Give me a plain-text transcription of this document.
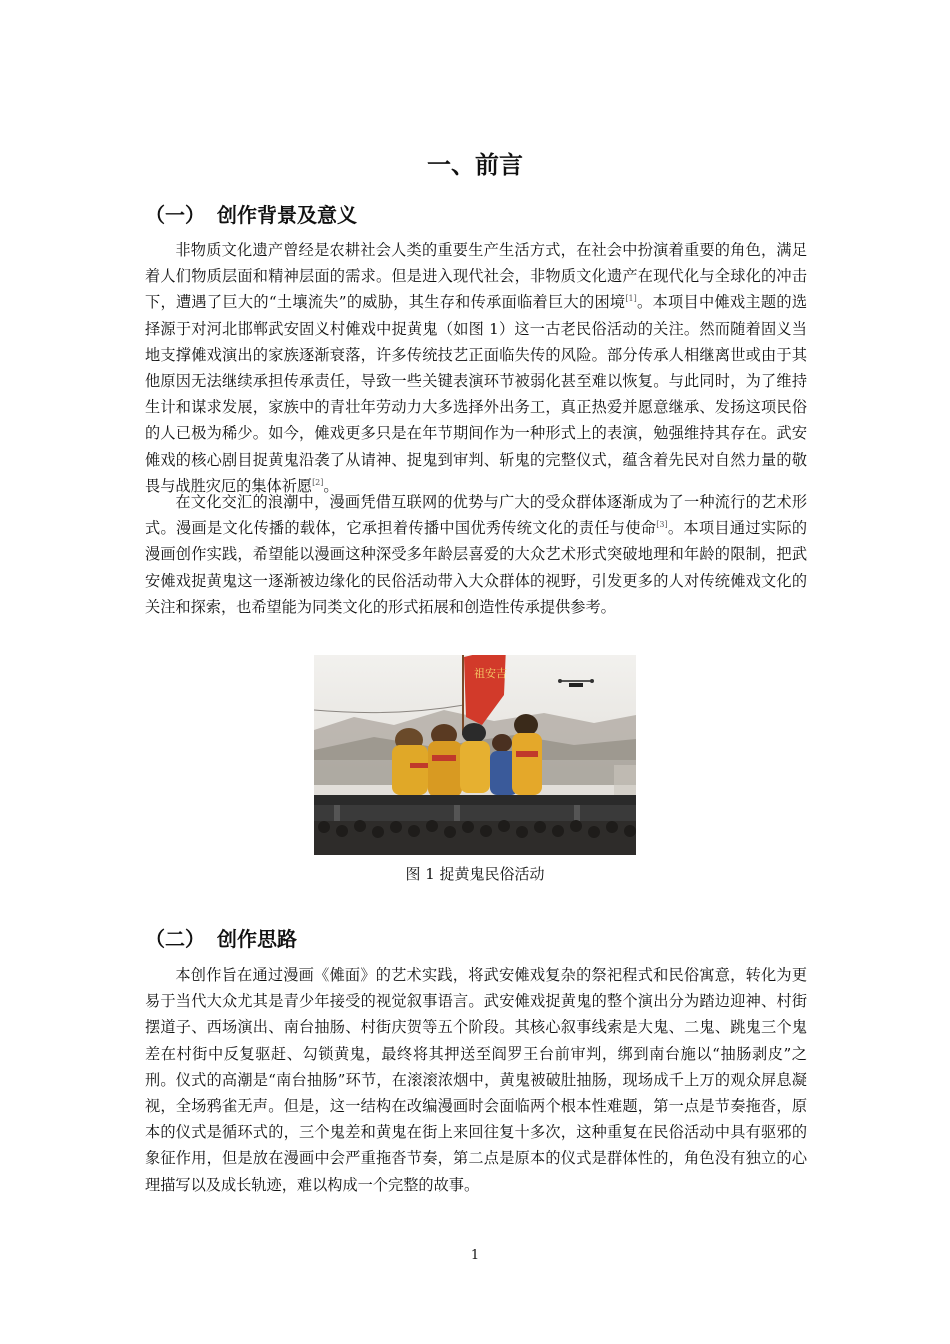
一、前言
（一） 创作背景及意义

非物质文化遗产曾经是农耕社会人类的重要生产生活方式，在社会中扮演着重要的角色，满足着人们物质层面和精神层面的需求。但是进入现代社会，非物质文化遗产在现代化与全球化的冲击下，遭遇了巨大的“土壤流失”的威胁，其生存和传承面临着巨大的困境[1]。本项目中傩戏主题的选择源于对河北邯郸武安固义村傩戏中捉黄鬼（如图 1）这一古老民俗活动的关注。然而随着固义当地支撑傩戏演出的家族逐渐衰落，许多传统技艺正面临失传的风险。部分传承人相继离世或由于其他原因无法继续承担传承责任，导致一些关键表演环节被弱化甚至难以恢复。与此同时，为了维持生计和谋求发展，家族中的青壮年劳动力大多选择外出务工，真正热爱并愿意继承、发扬这项民俗的人已极为稀少。如今，傩戏更多只是在年节期间作为一种形式上的表演，勉强维持其存在。武安傩戏的核心剧目捉黄鬼沿袭了从请神、捉鬼到审判、斩鬼的完整仪式，蕴含着先民对自然力量的敬畏与战胜灾厄的集体祈愿[2]。

在文化交汇的浪潮中，漫画凭借互联网的优势与广大的受众群体逐渐成为了一种流行的艺术形式。漫画是文化传播的载体，它承担着传播中国优秀传统文化的责任与使命[3]。本项目通过实际的漫画创作实践，希望能以漫画这种深受多年龄层喜爱的大众艺术形式突破地理和年龄的限制，把武安傩戏捉黄鬼这一逐渐被边缘化的民俗活动带入大众群体的视野，引发更多的人对传统傩戏文化的关注和探索，也希望能为同类文化的形式拓展和创造性传承提供参考。

祖安吉
图 1 捉黄鬼民俗活动
（二） 创作思路

本创作旨在通过漫画《傩面》的艺术实践，将武安傩戏复杂的祭祀程式和民俗寓意，转化为更易于当代大众尤其是青少年接受的视觉叙事语言。武安傩戏捉黄鬼的整个演出分为踏边迎神、村街摆道子、西场演出、南台抽肠、村街庆贺等五个阶段。其核心叙事线索是大鬼、二鬼、跳鬼三个鬼差在村街中反复驱赶、勾锁黄鬼，最终将其押送至阎罗王台前审判，绑到南台施以“抽肠剥皮”之刑。仪式的高潮是“南台抽肠”环节，在滚滚浓烟中，黄鬼被破肚抽肠，现场成千上万的观众屏息凝视，全场鸦雀无声。但是，这一结构在改编漫画时会面临两个根本性难题，第一点是节奏拖沓，原本的仪式是循环式的，三个鬼差和黄鬼在街上来回往复十多次，这种重复在民俗活动中具有驱邪的象征作用，但是放在漫画中会严重拖沓节奏，第二点是原本的仪式是群体性的，角色没有独立的心理描写以及成长轨迹，难以构成一个完整的故事。

1
